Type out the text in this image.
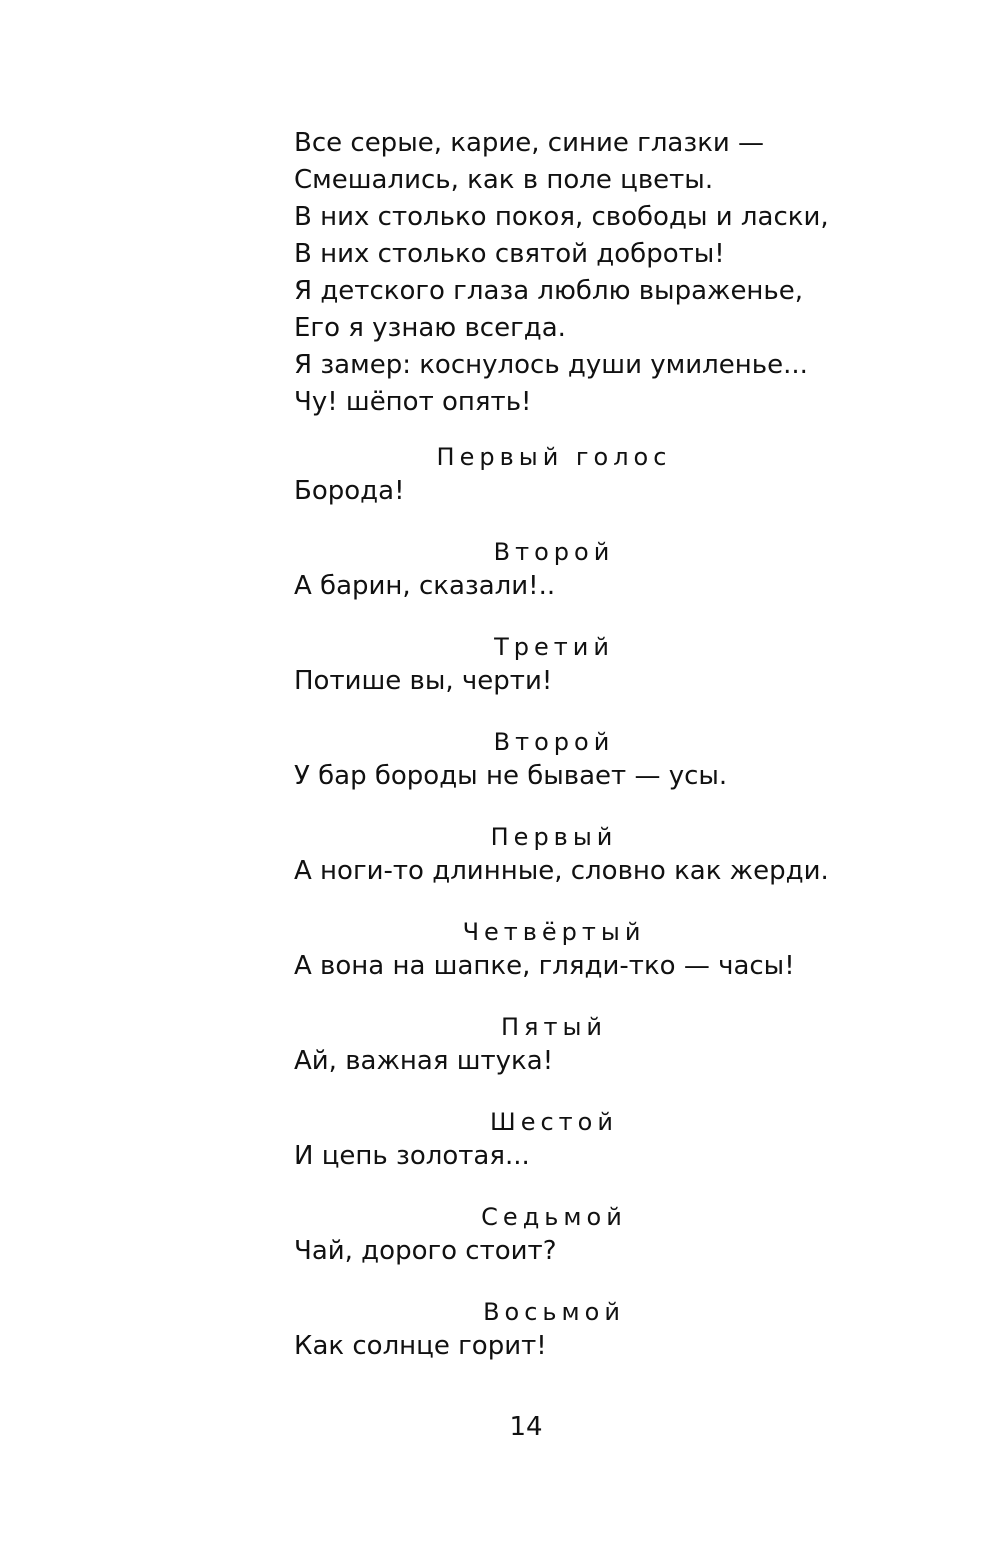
Все серые, карие, синие глазки —
Смешались, как в поле цветы.
В них столько покоя, свободы и ласки,
В них столько святой доброты!
Я детского глаза люблю выраженье,
Его я узнаю всегда.
Я замер: коснулось души умиленье...
Чу! шёпот опять!
Первый голос
Борода!
Второй
А барин, сказали!..
Третий
Потише вы, черти!
Второй
У бар бороды не бывает — усы.
Первый
А ноги-то длинные, словно как жерди.
Четвёртый
А вона на шапке, гляди-тко — часы!
Пятый
Ай, важная штука!
Шестой
И цепь золотая...
Седьмой
Чай, дорого стоит?
Восьмой
Как солнце горит!
14
